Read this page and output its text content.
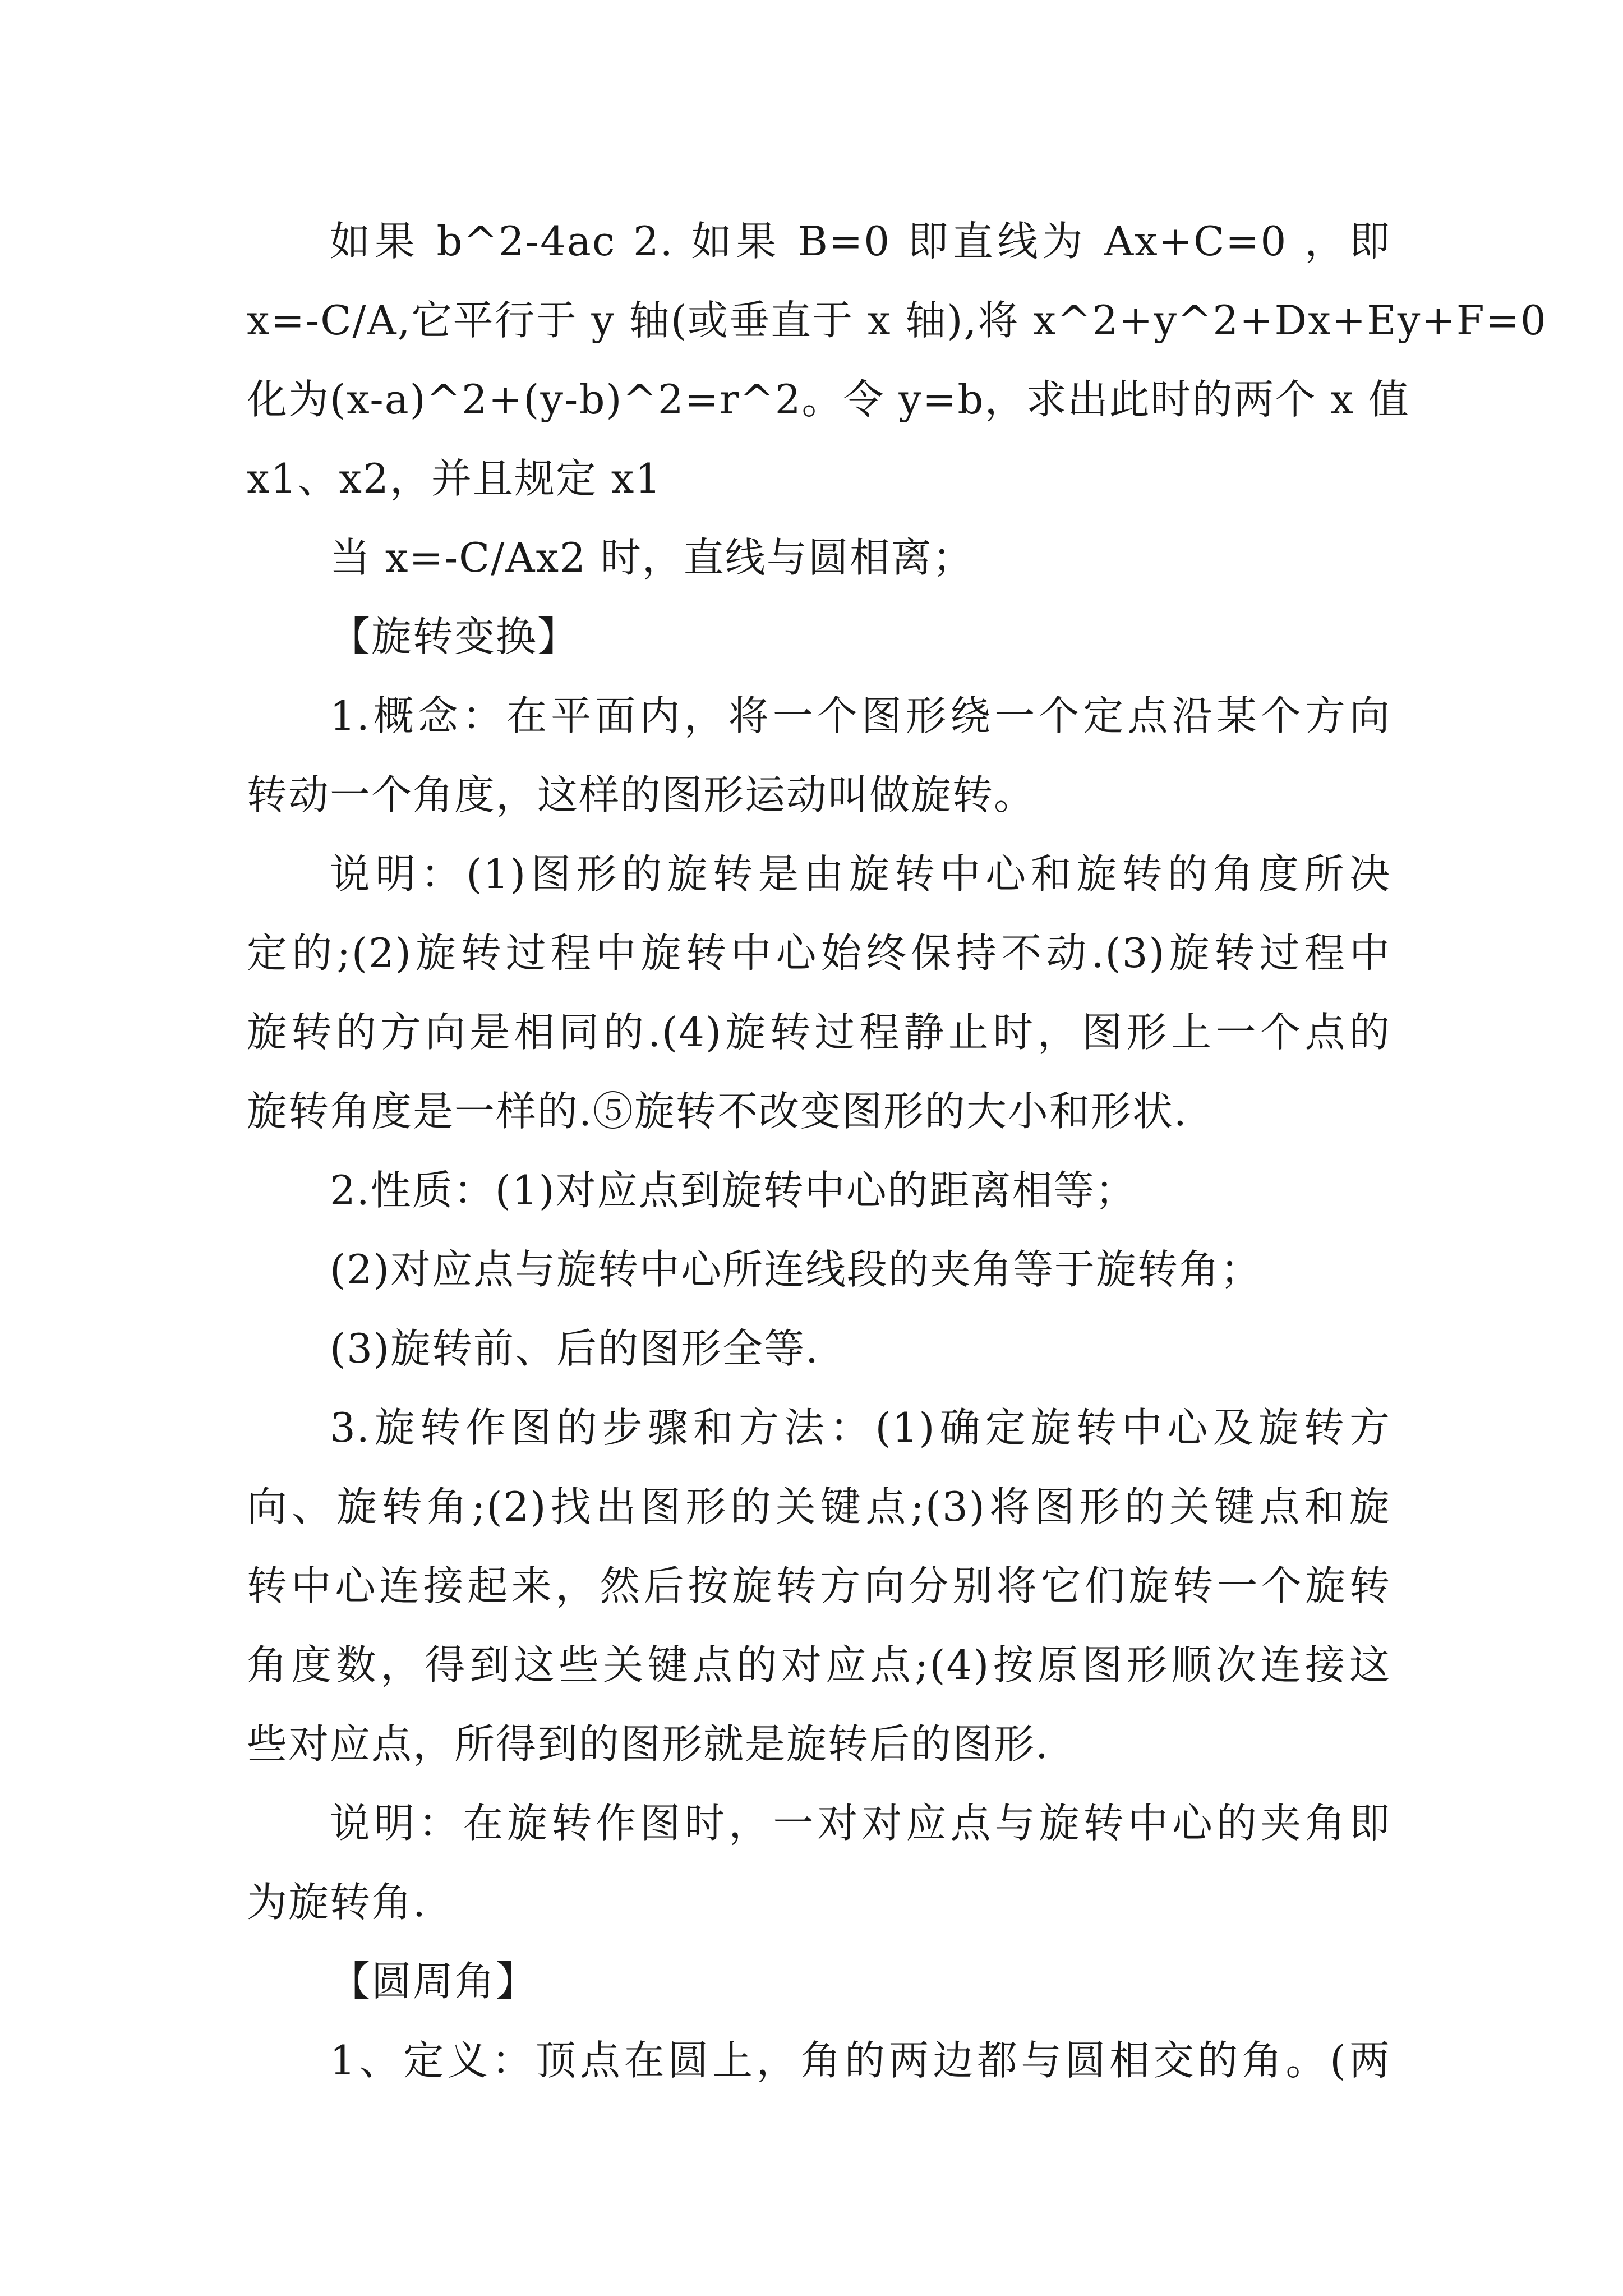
如果 b^2-4ac 2. 如果 B=0 即直线为 Ax+C=0 ，即
x=-C/A,它平行于 y 轴(或垂直于 x 轴),将 x^2+y^2+Dx+Ey+F=0
化为(x-a)^2+(y-b)^2=r^2。令 y=b，求出此时的两个 x 值
x1、x2，并且规定 x1
当 x=-C/Ax2 时，直线与圆相离；
【旋转变换】
1.概念：在平面内，将一个图形绕一个定点沿某个方向
转动一个角度，这样的图形运动叫做旋转。
说明：(1)图形的旋转是由旋转中心和旋转的角度所决
定的;(2)旋转过程中旋转中心始终保持不动.(3)旋转过程中
旋转的方向是相同的.(4)旋转过程静止时，图形上一个点的
旋转角度是一样的.⑤旋转不改变图形的大小和形状.
2.性质：(1)对应点到旋转中心的距离相等；
(2)对应点与旋转中心所连线段的夹角等于旋转角；
(3)旋转前、后的图形全等.
3.旋转作图的步骤和方法：(1)确定旋转中心及旋转方
向、旋转角;(2)找出图形的关键点;(3)将图形的关键点和旋
转中心连接起来，然后按旋转方向分别将它们旋转一个旋转
角度数，得到这些关键点的对应点;(4)按原图形顺次连接这
些对应点，所得到的图形就是旋转后的图形.
说明：在旋转作图时，一对对应点与旋转中心的夹角即
为旋转角.
【圆周角】
1、定义：顶点在圆上，角的两边都与圆相交的角。(两
